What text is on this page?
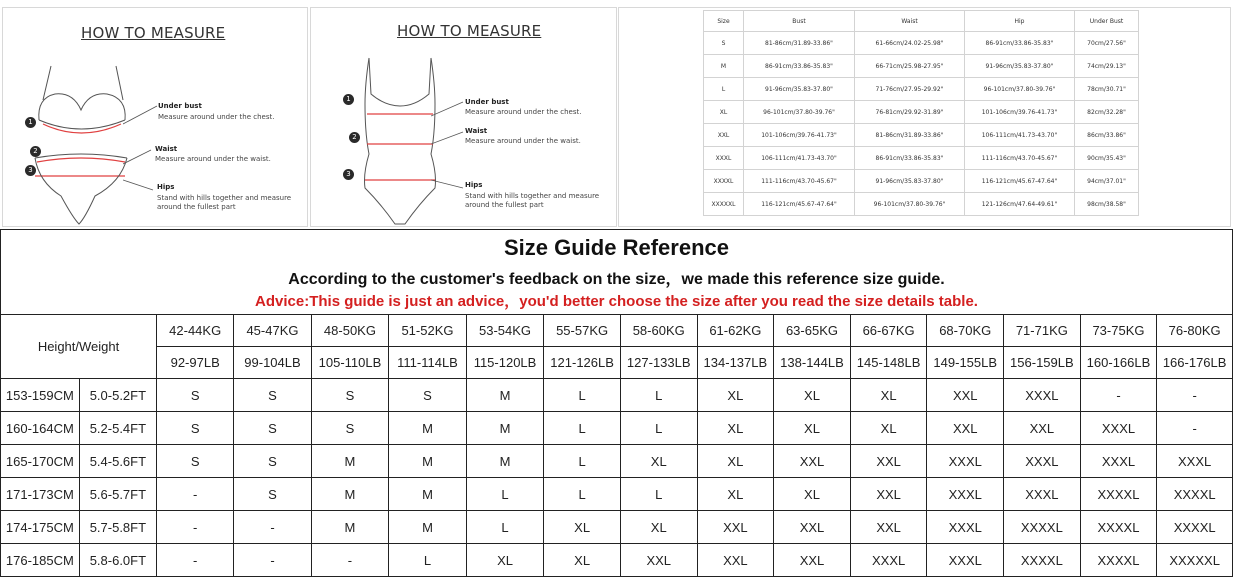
HOW TO MEASURE
1
2
3
Under bust
Measure around under the chest.
Waist
Measure around under the waist.
Hips
Stand with hills together and measure around the fullest part
HOW TO MEASURE
1
2
3
Under bust
Measure around under the chest.
Waist
Measure around under the waist.
Hips
Stand with hills together and measure around the fullest part
Size	Bust	Waist	Hip	Under Bust
S	81-86cm/31.89-33.86"	61-66cm/24.02-25.98"	86-91cm/33.86-35.83"	70cm/27.56"
M	86-91cm/33.86-35.83"	66-71cm/25.98-27.95"	91-96cm/35.83-37.80"	74cm/29.13"
L	91-96cm/35.83-37.80"	71-76cm/27.95-29.92"	96-101cm/37.80-39.76"	78cm/30.71"
XL	96-101cm/37.80-39.76"	76-81cm/29.92-31.89"	101-106cm/39.76-41.73"	82cm/32.28"
XXL	101-106cm/39.76-41.73"	81-86cm/31.89-33.86"	106-111cm/41.73-43.70"	86cm/33.86"
XXXL	106-111cm/41.73-43.70"	86-91cm/33.86-35.83"	111-116cm/43.70-45.67"	90cm/35.43"
XXXXL	111-116cm/43.70-45.67"	91-96cm/35.83-37.80"	116-121cm/45.67-47.64"	94cm/37.01"
XXXXXL	116-121cm/45.67-47.64"	96-101cm/37.80-39.76"	121-126cm/47.64-49.61"	98cm/38.58"
Size Guide Reference
According to the customer's feedback on the size，we made this reference size guide.
Advice:This guide is just an advice，you'd better choose the size after you read the size details table.
Height/Weight		42-44KG	45-47KG	48-50KG	51-52KG	53-54KG	55-57KG	58-60KG	61-62KG	63-65KG	66-67KG	68-70KG	71-71KG	73-75KG	76-80KG
		92-97LB	99-104LB	105-110LB	111-114LB	115-120LB	121-126LB	127-133LB	134-137LB	138-144LB	145-148LB	149-155LB	156-159LB	160-166LB	166-176LB
153-159CM	5.0-5.2FT	S	S	S	S	M	L	L	XL	XL	XL	XXL	XXXL	-	-
160-164CM	5.2-5.4FT	S	S	S	M	M	L	L	XL	XL	XL	XXL	XXL	XXXL	-
165-170CM	5.4-5.6FT	S	S	M	M	M	L	XL	XL	XXL	XXL	XXXL	XXXL	XXXL	XXXL
171-173CM	5.6-5.7FT	-	S	M	M	L	L	L	XL	XL	XXL	XXXL	XXXL	XXXXL	XXXXL
174-175CM	5.7-5.8FT	-	-	M	M	L	XL	XL	XXL	XXL	XXL	XXXL	XXXXL	XXXXL	XXXXL
176-185CM	5.8-6.0FT	-	-	-	L	XL	XL	XXL	XXL	XXL	XXXL	XXXL	XXXXL	XXXXL	XXXXXL
